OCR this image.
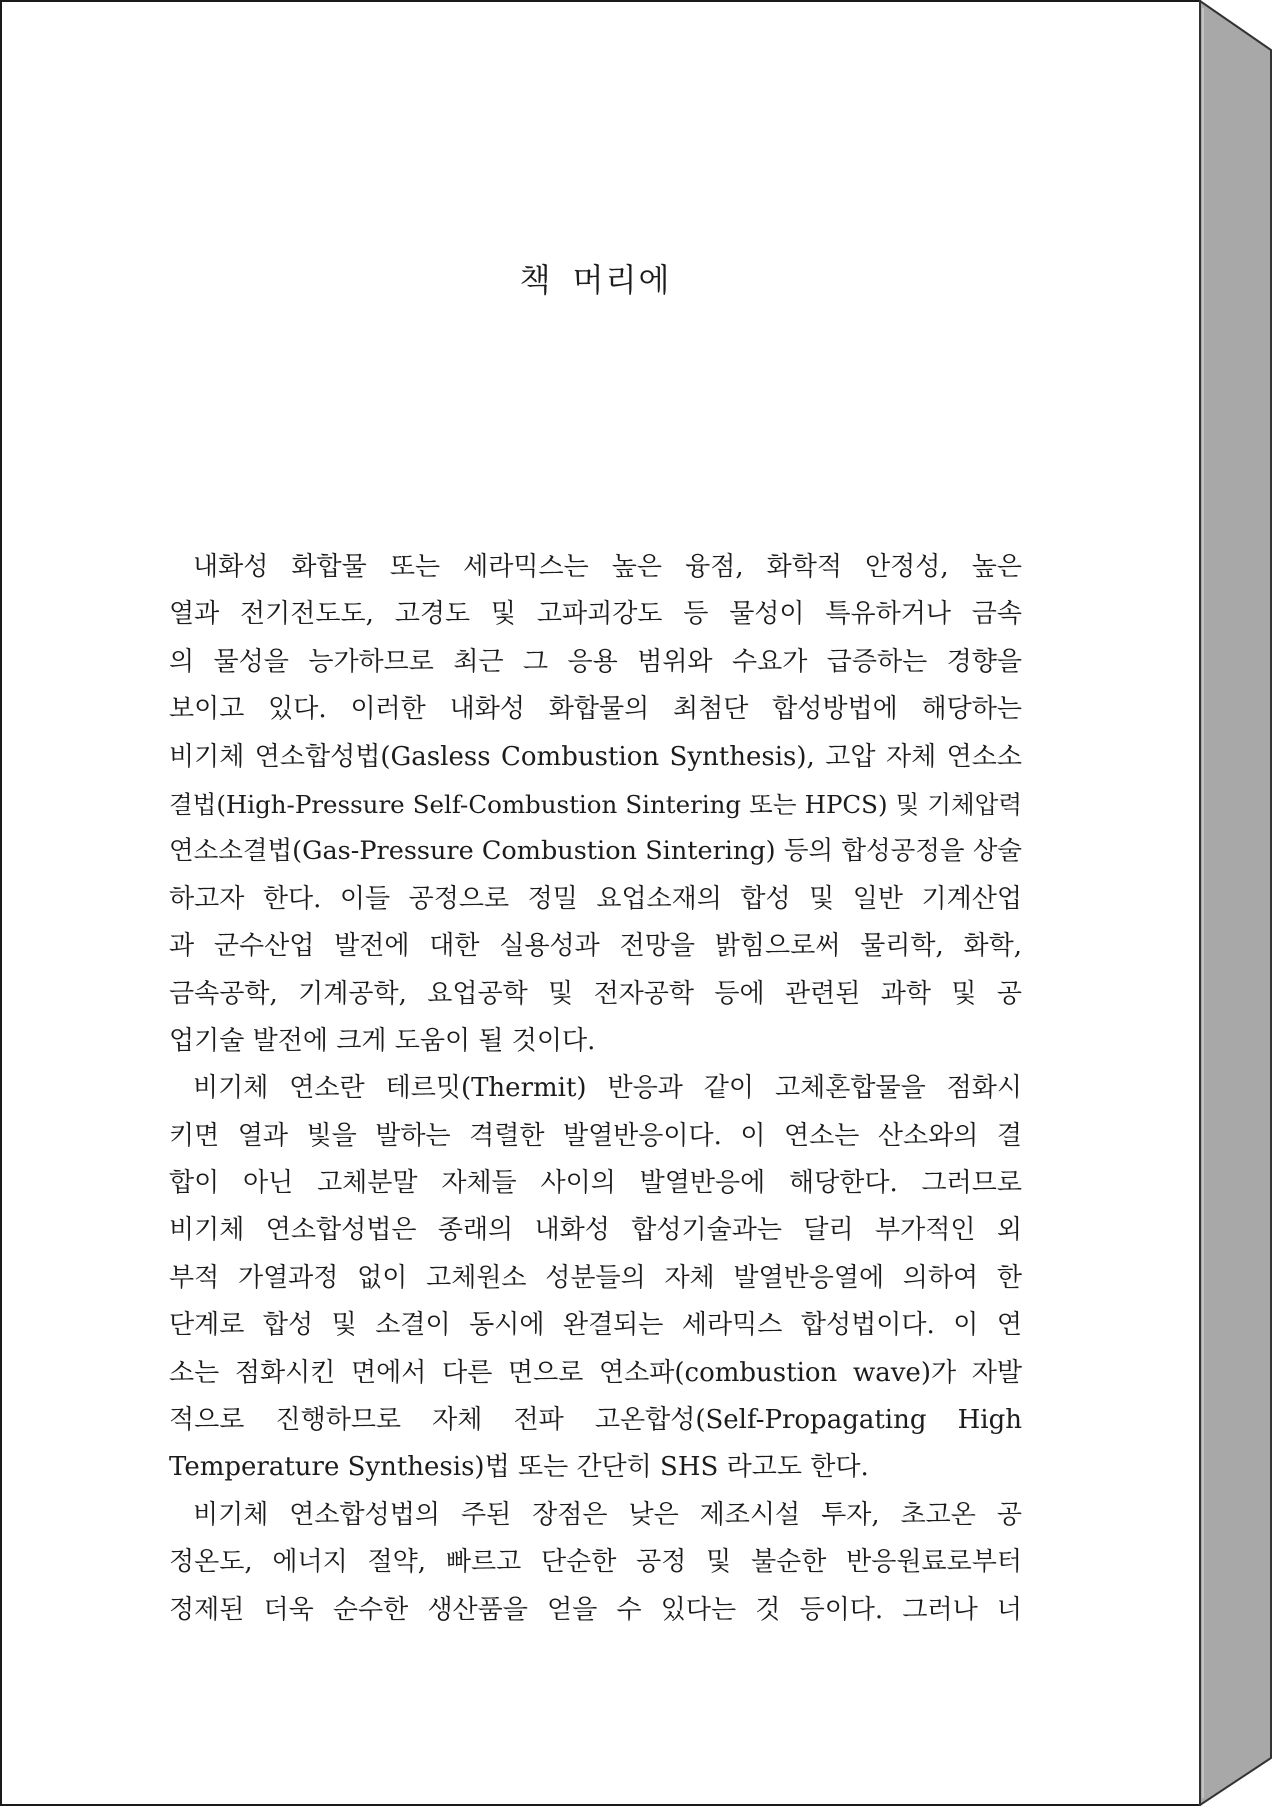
책 머리에
내화성 화합물 또는 세라믹스는 높은 융점, 화학적 안정성, 높은
열과 전기전도도, 고경도 및 고파괴강도 등 물성이 특유하거나 금속
의 물성을 능가하므로 최근 그 응용 범위와 수요가 급증하는 경향을
보이고 있다. 이러한 내화성 화합물의 최첨단 합성방법에 해당하는
비기체 연소합성법(Gasless Combustion Synthesis), 고압 자체 연소소
결법(High-Pressure Self-Combustion Sintering 또는 HPCS) 및 기체압력
연소소결법(Gas-Pressure Combustion Sintering) 등의 합성공정을 상술
하고자 한다. 이들 공정으로 정밀 요업소재의 합성 및 일반 기계산업
과 군수산업 발전에 대한 실용성과 전망을 밝힘으로써 물리학, 화학,
금속공학, 기계공학, 요업공학 및 전자공학 등에 관련된 과학 및 공
업기술 발전에 크게 도움이 될 것이다.
비기체 연소란 테르밋(Thermit) 반응과 같이 고체혼합물을 점화시
키면 열과 빛을 발하는 격렬한 발열반응이다. 이 연소는 산소와의 결
합이 아닌 고체분말 자체들 사이의 발열반응에 해당한다. 그러므로
비기체 연소합성법은 종래의 내화성 합성기술과는 달리 부가적인 외
부적 가열과정 없이 고체원소 성분들의 자체 발열반응열에 의하여 한
단계로 합성 및 소결이 동시에 완결되는 세라믹스 합성법이다. 이 연
소는 점화시킨 면에서 다른 면으로 연소파(combustion wave)가 자발
적으로 진행하므로 자체 전파 고온합성(Self-Propagating High
Temperature Synthesis)법 또는 간단히 SHS 라고도 한다.
비기체 연소합성법의 주된 장점은 낮은 제조시설 투자, 초고온 공
정온도, 에너지 절약, 빠르고 단순한 공정 및 불순한 반응원료로부터
정제된 더욱 순수한 생산품을 얻을 수 있다는 것 등이다. 그러나 너
